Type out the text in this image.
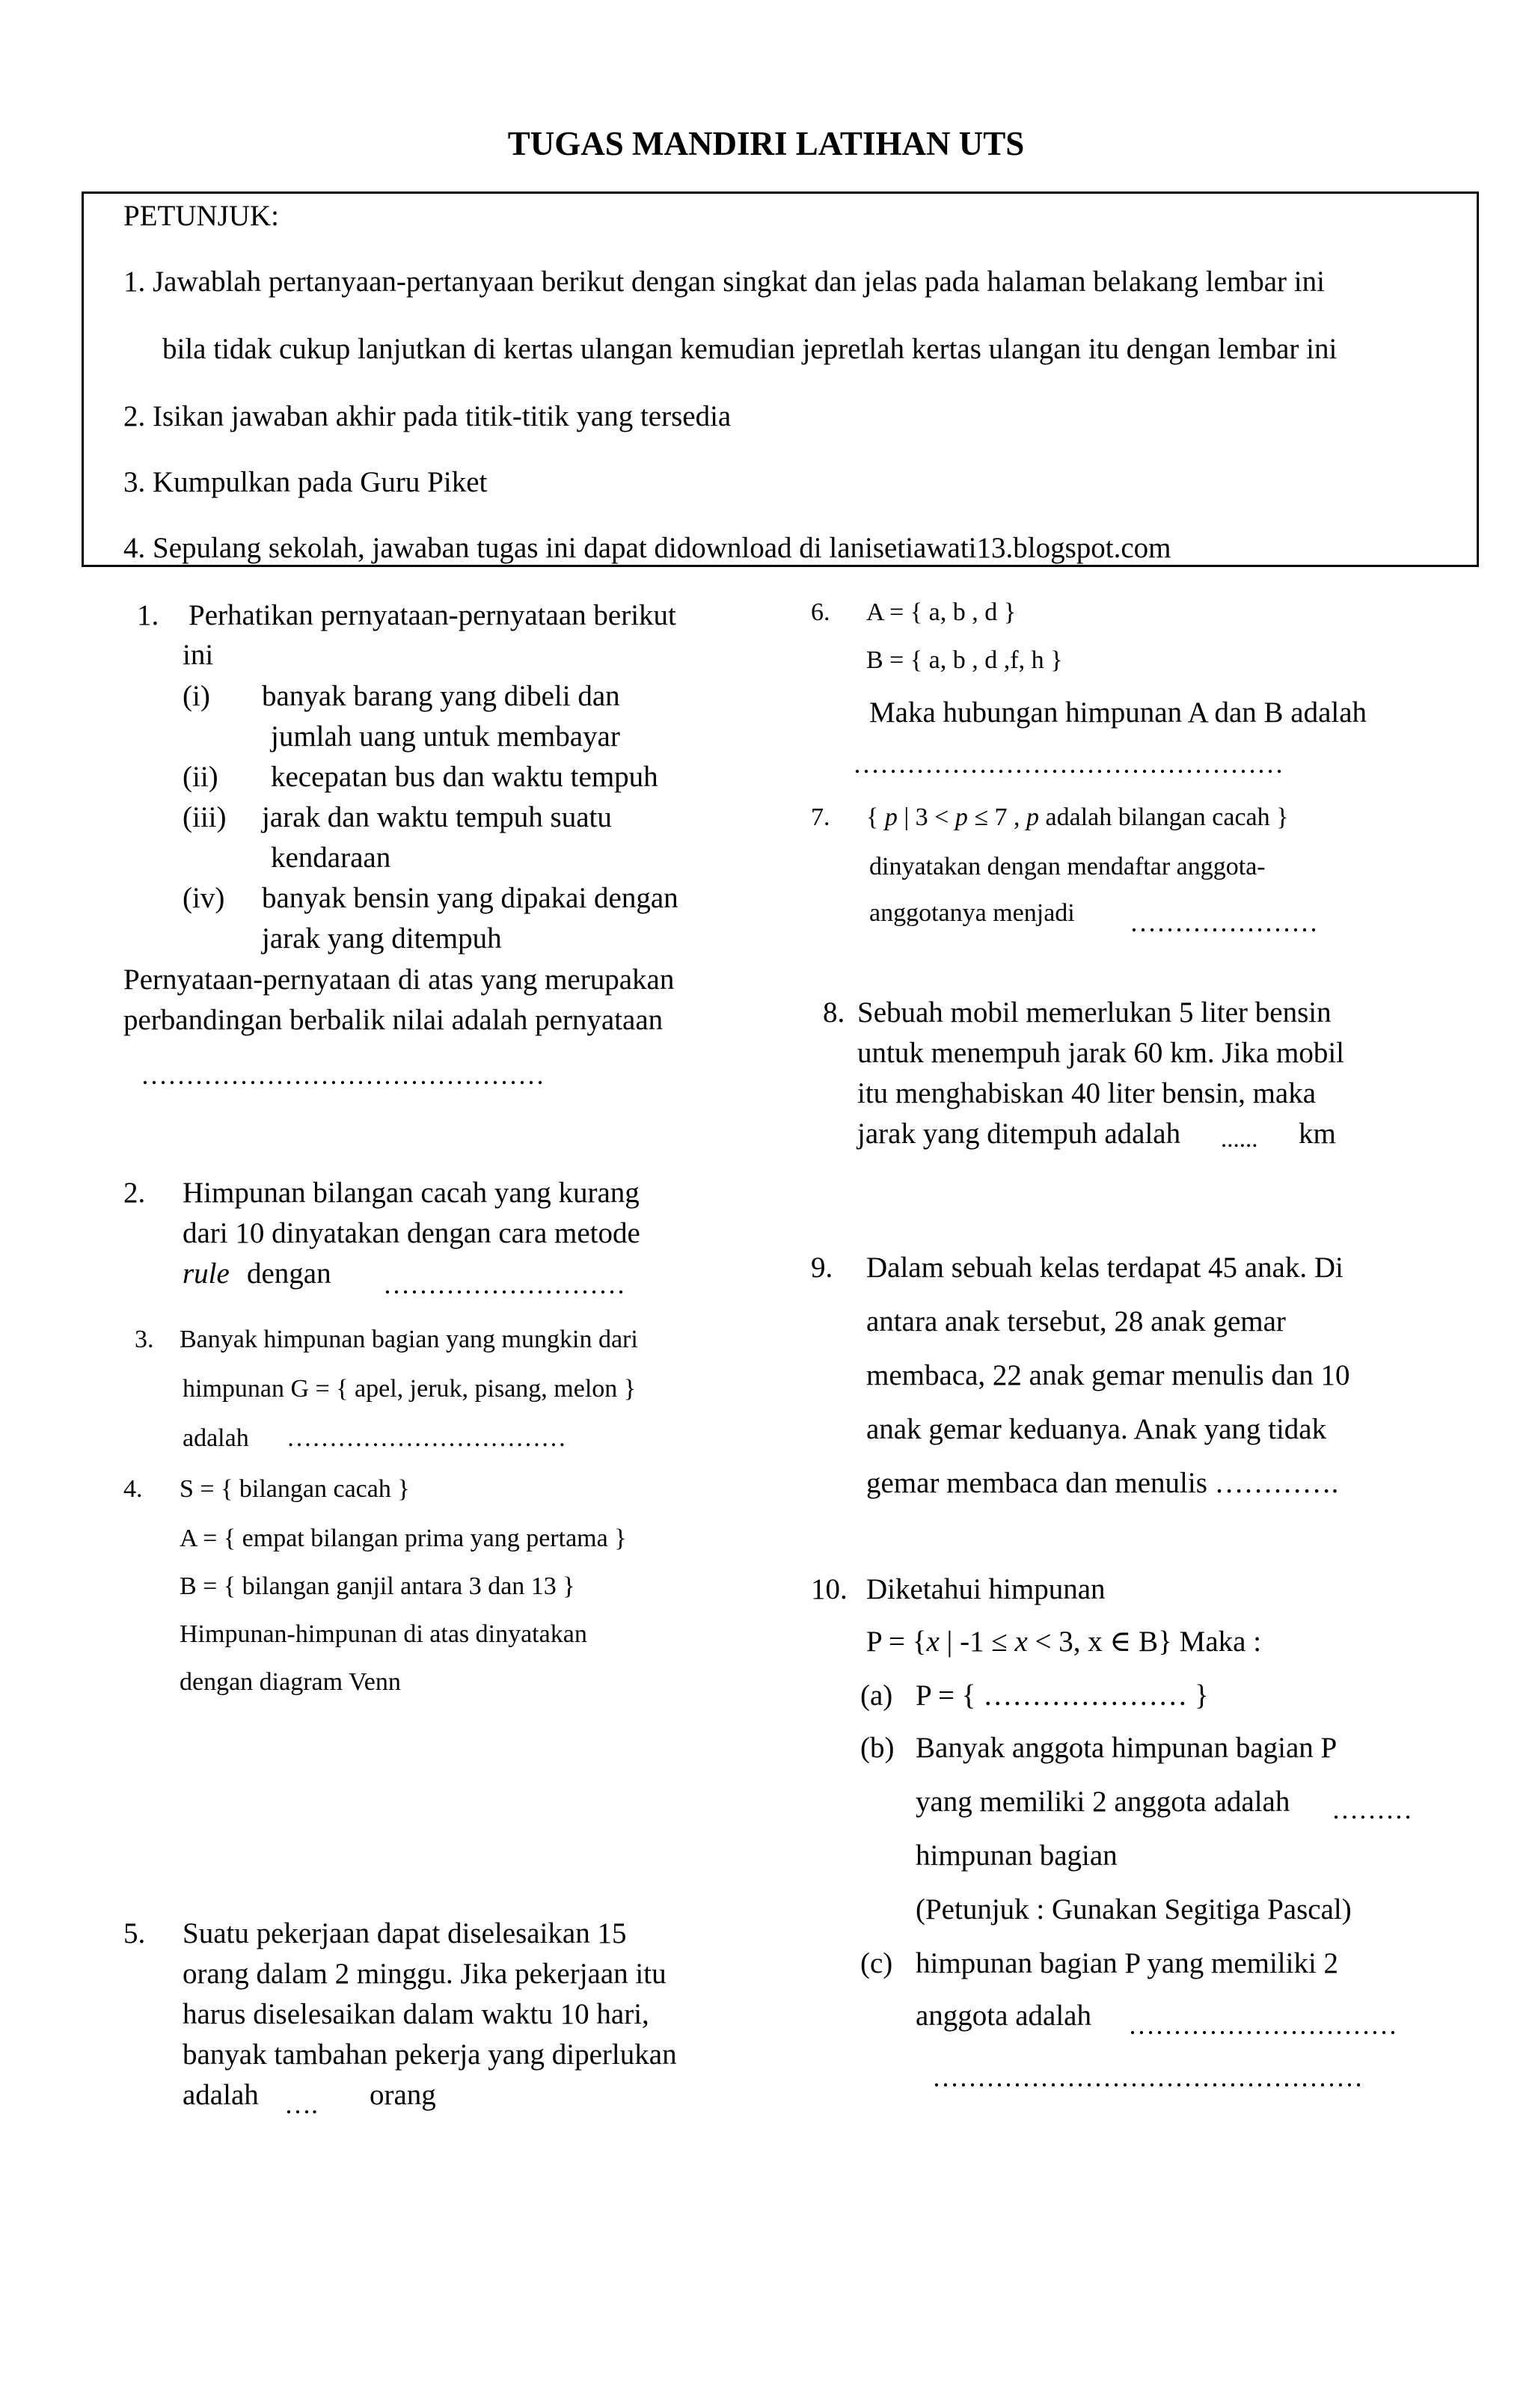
TUGAS MANDIRI LATIHAN UTS
PETUNJUK:
1. Jawablah pertanyaan-pertanyaan berikut dengan singkat dan jelas pada halaman belakang lembar ini
bila tidak cukup lanjutkan di kertas ulangan kemudian jepretlah kertas ulangan itu dengan lembar ini
2. Isikan jawaban akhir pada titik-titik yang tersedia
3. Kumpulkan pada Guru Piket
4. Sepulang sekolah, jawaban tugas ini dapat didownload di lanisetiawati13.blogspot.com
1. Perhatikan pernyataan-pernyataan berikut
ini
(i) banyak barang yang dibeli dan
jumlah uang untuk membayar
(ii) kecepatan bus dan waktu tempuh
(iii) jarak dan waktu tempuh suatu
kendaraan
(iv) banyak bensin yang dipakai dengan
jarak yang ditempuh
Pernyataan-pernyataan di atas yang merupakan
perbandingan berbalik nilai adalah pernyataan
………………………………………
2. Himpunan bilangan cacah yang kurang
dari 10 dinyatakan dengan cara metode
rule dengan ………………………
3. Banyak himpunan bagian yang mungkin dari
himpunan G = { apel, jeruk, pisang, melon }
adalah ……………………………
4. S = { bilangan cacah }
A = { empat bilangan prima yang pertama }
B = { bilangan ganjil antara 3 dan 13 }
Himpunan-himpunan di atas dinyatakan
dengan diagram Venn
5. Suatu pekerjaan dapat diselesaikan 15
orang dalam 2 minggu. Jika pekerjaan itu
harus diselesaikan dalam waktu 10 hari,
banyak tambahan pekerja yang diperlukan
adalah …. orang
6. A = { a, b , d }
B = { a, b , d ,f, h }
Maka hubungan himpunan A dan B adalah
…………………………………………
7. { p | 3 < p ≤ 7 , p adalah bilangan cacah }
dinyatakan dengan mendaftar anggota-
anggotanya menjadi …………………
8. Sebuah mobil memerlukan 5 liter bensin
untuk menempuh jarak 60 km. Jika mobil
itu menghabiskan 40 liter bensin, maka
jarak yang ditempuh adalah ...... km
9. Dalam sebuah kelas terdapat 45 anak. Di
antara anak tersebut, 28 anak gemar
membaca, 22 anak gemar menulis dan 10
anak gemar keduanya. Anak yang tidak
gemar membaca dan menulis ………….
10. Diketahui himpunan
P = {x | -1 ≤ x < 3, x ∈ B} Maka :
(a) P = { ………………… }
(b) Banyak anggota himpunan bagian P
yang memiliki 2 anggota adalah ………
himpunan bagian
(Petunjuk : Gunakan Segitiga Pascal)
(c) himpunan bagian P yang memiliki 2
anggota adalah …………………………
…………………………………………
